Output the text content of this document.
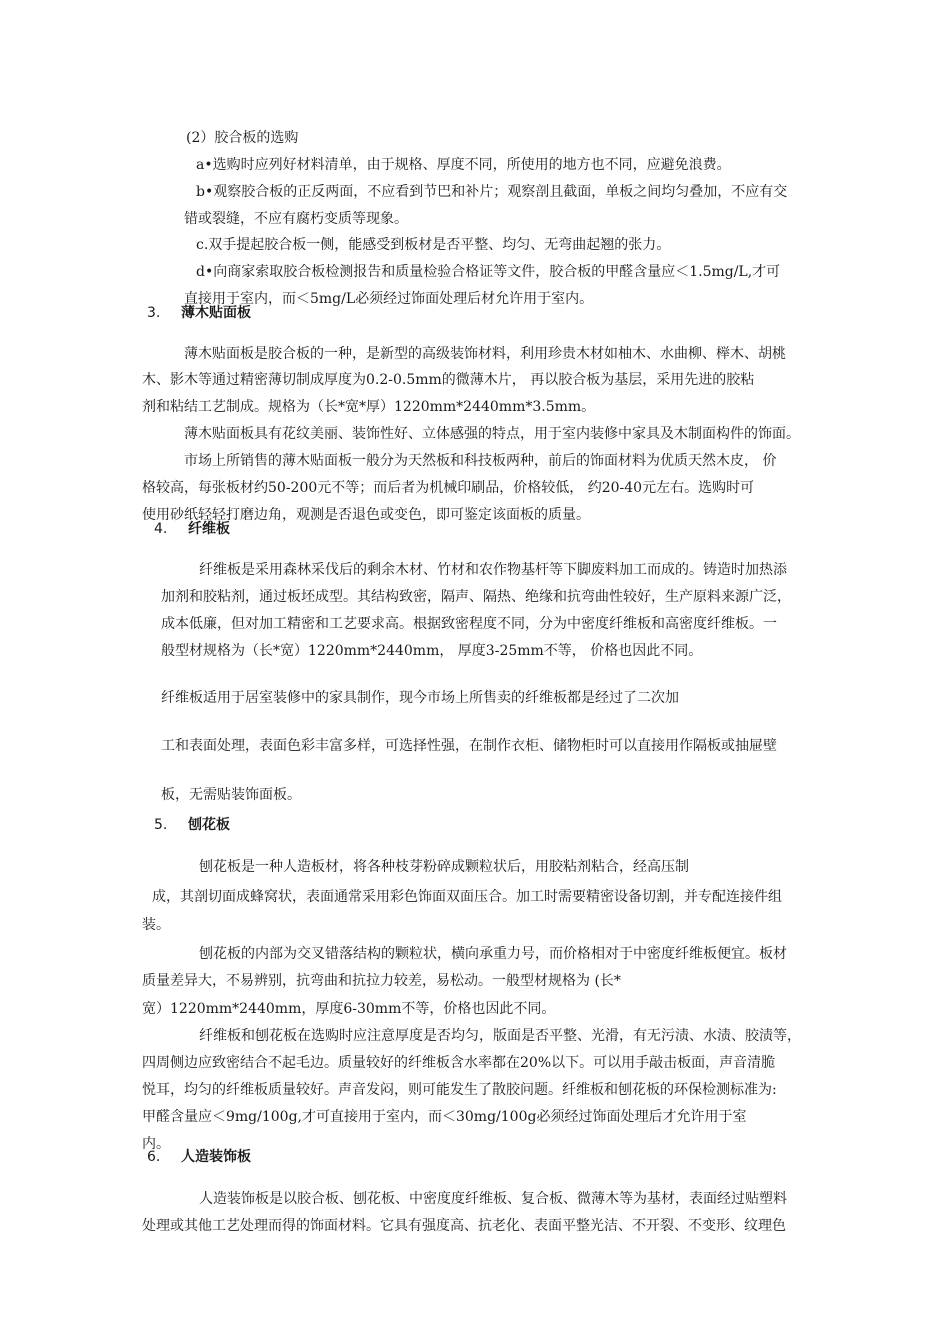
(2）胶合板的选购

a•选购时应列好材料清单，由于规格、厚度不同，所使用的地方也不同，应避免浪费。

b•观察胶合板的正反两面，不应看到节巴和补片；观察剖且截面，单板之间均匀叠加，不应有交

错或裂缝，不应有腐朽变质等现象。

c.双手提起胶合板一侧，能感受到板材是否平整、均匀、无弯曲起翘的张力。

d•向商家索取胶合板检测报告和质量检验合格证等文件，胶合板的甲醛含量应＜1.5mg/L,才可

直接用于室内，而＜5mg/L必须经过饰面处理后材允许用于室内。

3. 薄木贴面板

薄木贴面板是胶合板的一种，是新型的高级装饰材料，利用珍贵木材如柚木、水曲柳、榉木、胡桃

木、影木等通过精密薄切制成厚度为0.2-0.5mm的微薄木片， 再以胶合板为基层，采用先进的胶粘

剂和粘结工艺制成。规格为（长*宽*厚）1220mm*2440mm*3.5mm。

薄木贴面板具有花纹美丽、装饰性好、立体感强的特点，用于室内装修中家具及木制面构件的饰面。

市场上所销售的薄木贴面板一般分为天然板和科技板两种，前后的饰面材料为优质天然木皮， 价

格较高，每张板材约50-200元不等；而后者为机械印刷品，价格较低， 约20-40元左右。选购时可

使用砂纸轻轻打磨边角，观测是否退色或变色，即可鉴定该面板的质量。

4. 纤维板

纤维板是采用森林采伐后的剩余木材、竹材和农作物基杆等下脚废料加工而成的。铸造时加热添

加剂和胶粘剂，通过板坯成型。其结构致密，隔声、隔热、绝缘和抗弯曲性较好，生产原料来源广泛，

成本低廉，但对加工精密和工艺要求高。根据致密程度不同，分为中密度纤维板和高密度纤维板。一

般型材规格为（长*宽）1220mm*2440mm， 厚度3-25mm不等， 价格也因此不同。

纤维板适用于居室装修中的家具制作，现今市场上所售卖的纤维板都是经过了二次加

工和表面处理，表面色彩丰富多样，可选择性强，在制作衣柜、储物柜时可以直接用作隔板或抽屉壁

板，无需贴装饰面板。

5. 刨花板

刨花板是一种人造板材，将各种枝芽粉碎成颗粒状后，用胶粘剂粘合，经高压制

成，其剖切面成蜂窝状，表面通常采用彩色饰面双面压合。加工时需要精密设备切割，并专配连接件组

装。

刨花板的内部为交叉错落结构的颗粒状，横向承重力号，而价格相对于中密度纤维板便宜。板材

质量差异大，不易辨别，抗弯曲和抗拉力较差，易松动。一般型材规格为 (长*

宽）1220mm*2440mm，厚度6-30mm不等，价格也因此不同。

纤维板和刨花板在选购时应注意厚度是否均匀，版面是否平整、光滑，有无污渍、水渍、胶渍等，

四周侧边应致密结合不起毛边。质量较好的纤维板含水率都在20%以下。可以用手敲击板面，声音清脆

悦耳，均匀的纤维板质量较好。声音发闷，则可能发生了散胶问题。纤维板和刨花板的环保检测标准为:

甲醛含量应＜9mg/100g,才可直接用于室内，而＜30mg/100g必须经过饰面处理后才允许用于室

内。

6. 人造装饰板

人造装饰板是以胶合板、刨花板、中密度度纤维板、复合板、微薄木等为基材，表面经过贴塑料

处理或其他工艺处理而得的饰面材料。它具有强度高、抗老化、表面平整光洁、不开裂、不变形、纹理色
